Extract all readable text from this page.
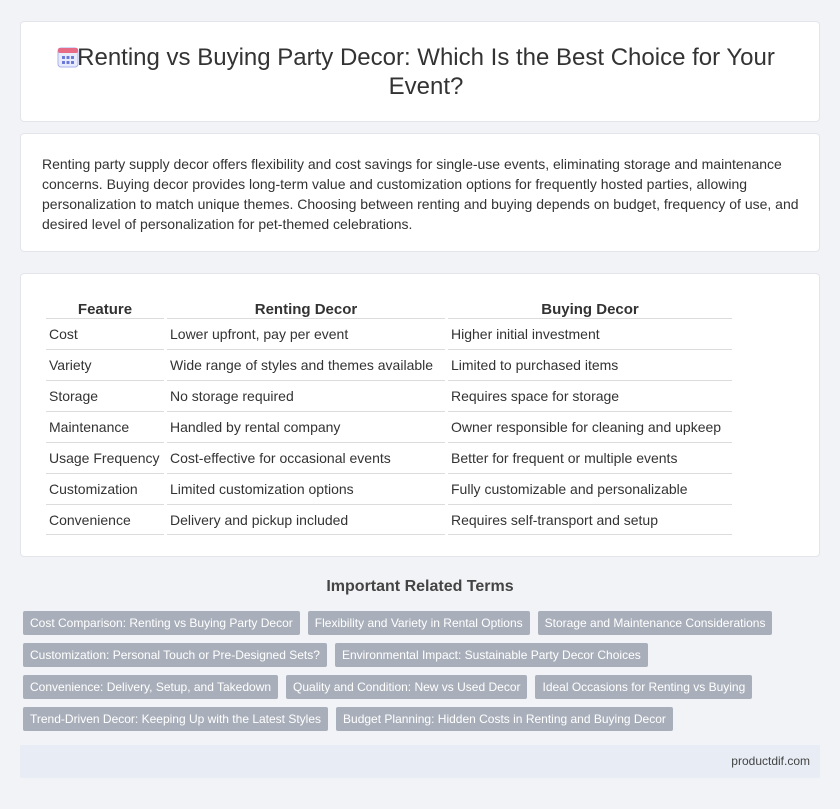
Renting vs Buying Party Decor: Which Is the Best Choice for Your Event?

Renting party supply decor offers flexibility and cost savings for single-use events, eliminating storage and maintenance concerns. Buying decor provides long-term value and customization options for frequently hosted parties, allowing personalization to match unique themes. Choosing between renting and buying depends on budget, frequency of use, and desired level of personalization for pet-themed celebrations.

Feature	Renting Decor	Buying Decor
Cost	Lower upfront, pay per event	Higher initial investment
Variety	Wide range of styles and themes available	Limited to purchased items
Storage	No storage required	Requires space for storage
Maintenance	Handled by rental company	Owner responsible for cleaning and upkeep
Usage Frequency	Cost-effective for occasional events	Better for frequent or multiple events
Customization	Limited customization options	Fully customizable and personalizable
Convenience	Delivery and pickup included	Requires self-transport and setup
Important Related Terms
Cost Comparison: Renting vs Buying Party Decor	Flexibility and Variety in Rental Options	Storage and Maintenance Considerations
Customization: Personal Touch or Pre-Designed Sets?	Environmental Impact: Sustainable Party Decor Choices
Convenience: Delivery, Setup, and Takedown	Quality and Condition: New vs Used Decor	Ideal Occasions for Renting vs Buying
Trend-Driven Decor: Keeping Up with the Latest Styles	Budget Planning: Hidden Costs in Renting and Buying Decor
productdif.com
